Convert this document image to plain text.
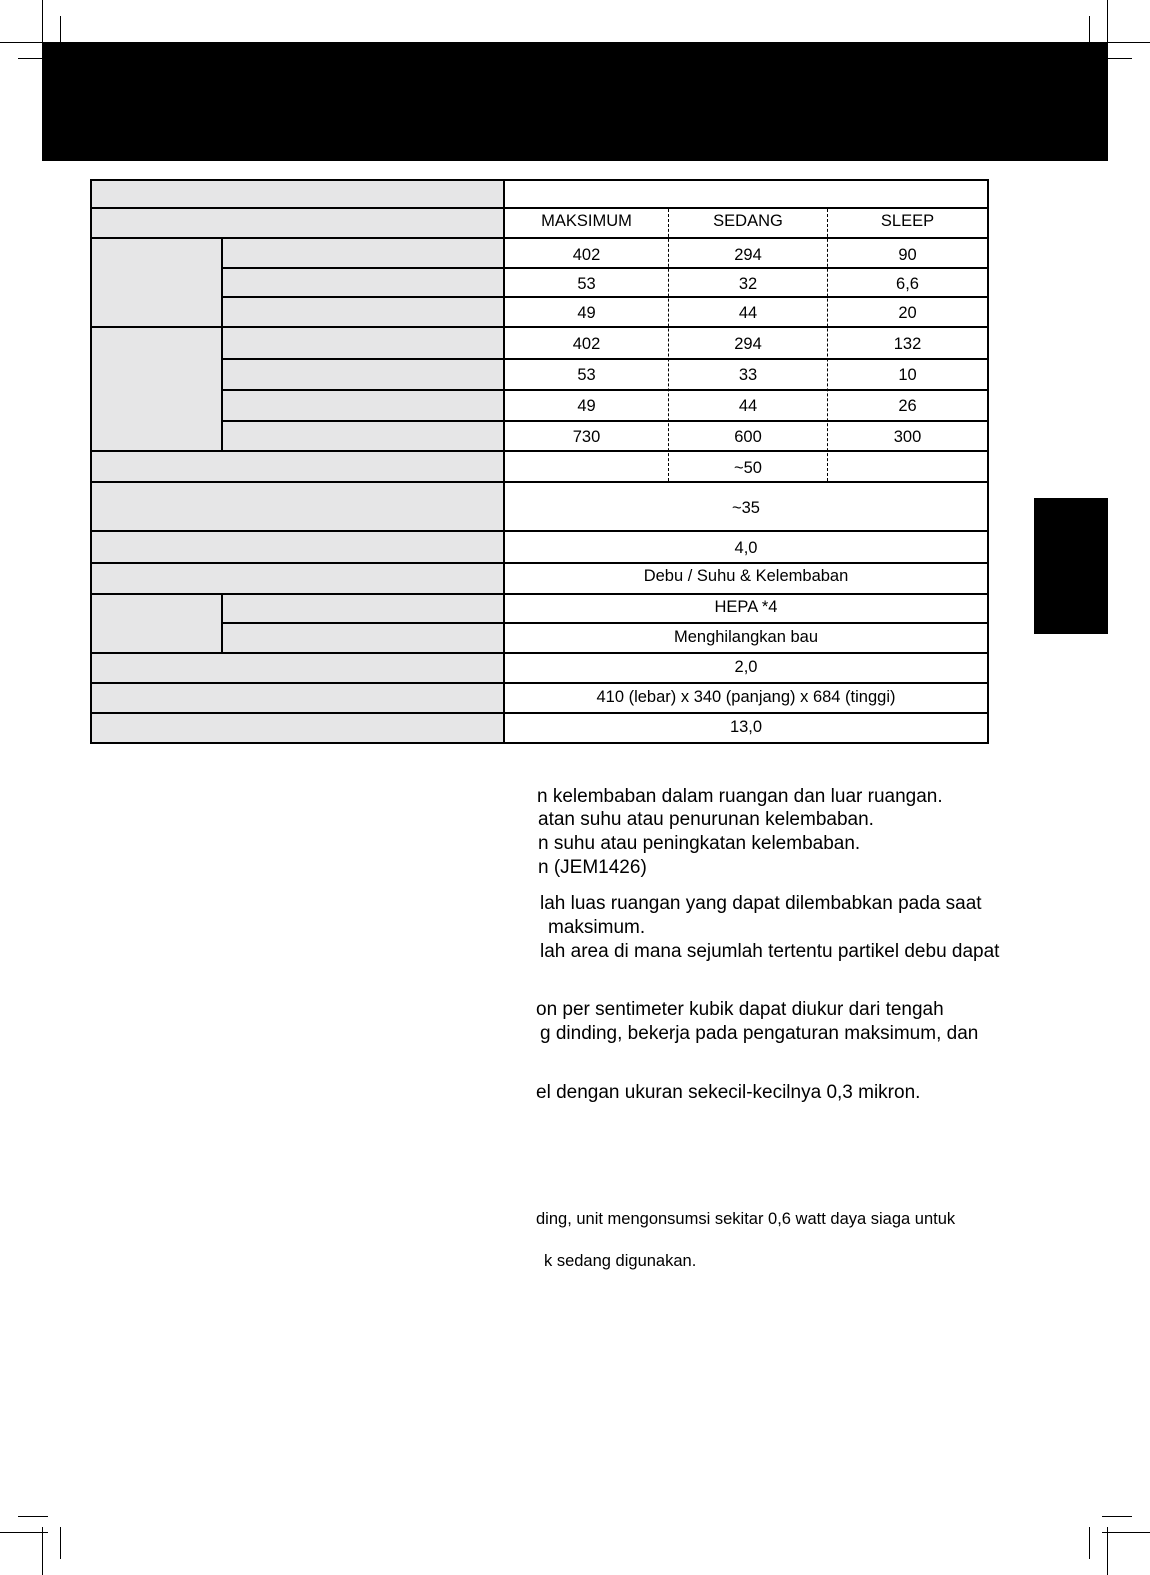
MAKSIMUM	SEDANG	SLEEP
402	294	90
53	32	6,6
49	44	20
402	294	132
53	33	10
49	44	26
730	600	300
~50
~35
4,0
Debu / Suhu & Kelembaban
HEPA *4
Menghilangkan bau
2,0
410 (lebar) x 340 (panjang) x 684 (tinggi)
13,0
n kelembaban dalam ruangan dan luar ruangan.
atan suhu atau penurunan kelembaban.
n suhu atau peningkatan kelembaban.
n (JEM1426)
lah luas ruangan yang dapat dilembabkan pada saat
maksimum.
lah area di mana sejumlah tertentu partikel debu dapat
on per sentimeter kubik dapat diukur dari tengah
g dinding, bekerja pada pengaturan maksimum, dan
el dengan ukuran sekecil-kecilnya 0,3 mikron.
ding, unit mengonsumsi sekitar 0,6 watt daya siaga untuk
k sedang digunakan.
